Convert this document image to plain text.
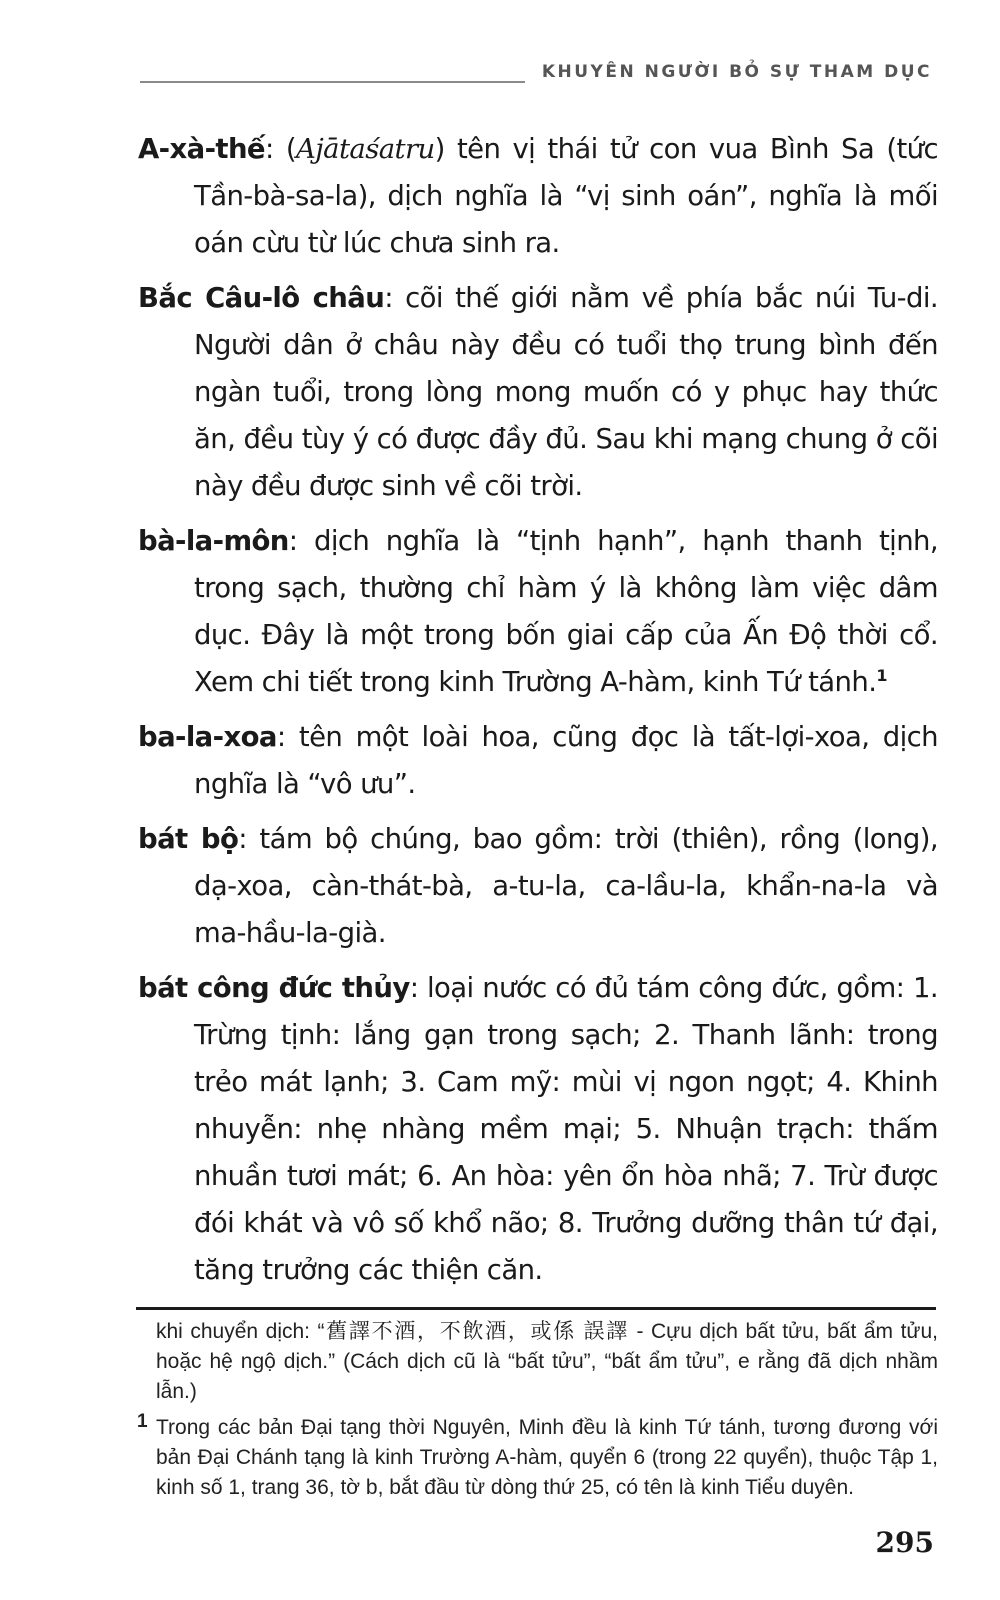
KHUYÊN NGƯỜI BỎ SỰ THAM DỤC

A-xà-thế: (Ajātaśatru) tên vị thái tử con vua Bình Sa (tức Tần-bà-sa-la), dịch nghĩa là “vị sinh oán”, nghĩa là mối oán cừu từ lúc chưa sinh ra.

Bắc Câu-lô châu: cõi thế giới nằm về phía bắc núi Tu-di. Người dân ở châu này đều có tuổi thọ trung bình đến ngàn tuổi, trong lòng mong muốn có y phục hay thức ăn, đều tùy ý có được đầy đủ. Sau khi mạng chung ở cõi này đều được sinh về cõi trời.

bà-la-môn: dịch nghĩa là “tịnh hạnh”, hạnh thanh tịnh, trong sạch, thường chỉ hàm ý là không làm việc dâm dục. Đây là một trong bốn giai cấp của Ấn Độ thời cổ. Xem chi tiết trong kinh Trường A-hàm, kinh Tứ tánh.$^1$

ba-la-xoa: tên một loài hoa, cũng đọc là tất-lợi-xoa, dịch nghĩa là “vô ưu”.

bát bộ: tám bộ chúng, bao gồm: trời (thiên), rồng (long), dạ-xoa, càn-thát-bà, a-tu-la, ca-lầu-la, khẩn-na-la và ma-hầu-la-già.

bát công đức thủy: loại nước có đủ tám công đức, gồm: 1. Trừng tịnh: lắng gạn trong sạch; 2. Thanh lãnh: trong trẻo mát lạnh; 3. Cam mỹ: mùi vị ngon ngọt; 4. Khinh nhuyễn: nhẹ nhàng mềm mại; 5. Nhuận trạch: thấm nhuần tươi mát; 6. An hòa: yên ổn hòa nhã; 7. Trừ được đói khát và vô số khổ não; 8. Trưởng dưỡng thân tứ đại, tăng trưởng các thiện căn.

khi chuyển dịch: “舊譯不酒，不飲酒，或係 誤譯 - Cựu dịch bất tửu, bất ẩm tửu, hoặc hệ ngộ dịch.” (Cách dịch cũ là “bất tửu”, “bất ẩm tửu”, e rằng đã dịch nhầm lẫn.)

1 Trong các bản Đại tạng thời Nguyên, Minh đều là kinh Tứ tánh, tương đương với bản Đại Chánh tạng là kinh Trường A-hàm, quyển 6 (trong 22 quyển), thuộc Tập 1, kinh số 1, trang 36, tờ b, bắt đầu từ dòng thứ 25, có tên là kinh Tiểu duyên.

295
